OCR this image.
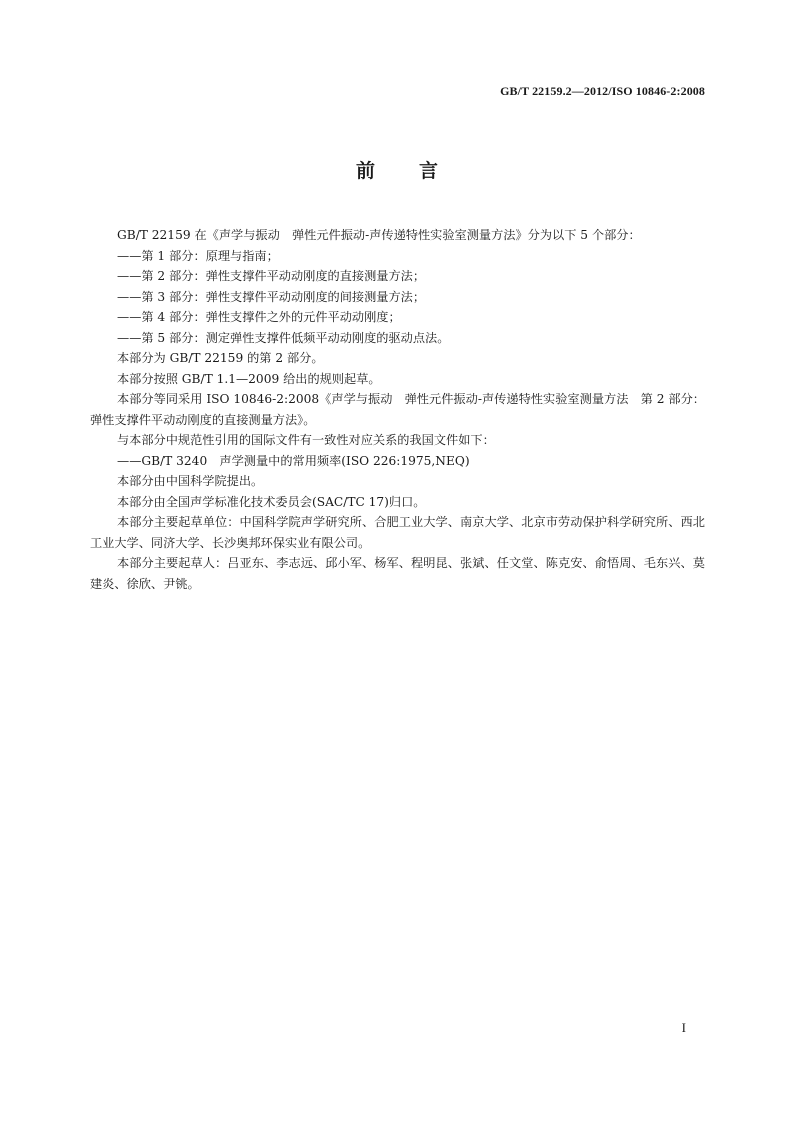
GB/T 22159.2—2012/ISO 10846-2:2008
前言

GB/T 22159 在《声学与振动　弹性元件振动-声传递特性实验室测量方法》分为以下 5 个部分：

——第 1 部分：原理与指南；

——第 2 部分：弹性支撑件平动动刚度的直接测量方法；

——第 3 部分：弹性支撑件平动动刚度的间接测量方法；

——第 4 部分：弹性支撑件之外的元件平动动刚度；

——第 5 部分：测定弹性支撑件低频平动动刚度的驱动点法。

本部分为 GB/T 22159 的第 2 部分。

本部分按照 GB/T 1.1—2009 给出的规则起草。

本部分等同采用 ISO 10846-2:2008《声学与振动　弹性元件振动-声传递特性实验室测量方法　第 2 部分：弹性支撑件平动动刚度的直接测量方法》。

与本部分中规范性引用的国际文件有一致性对应关系的我国文件如下：

——GB/T 3240　声学测量中的常用频率(ISO 226:1975,NEQ)

本部分由中国科学院提出。

本部分由全国声学标准化技术委员会(SAC/TC 17)归口。

本部分主要起草单位：中国科学院声学研究所、合肥工业大学、南京大学、北京市劳动保护科学研究所、西北工业大学、同济大学、长沙奥邦环保实业有限公司。

本部分主要起草人：吕亚东、李志远、邱小军、杨军、程明昆、张斌、任文堂、陈克安、俞悟周、毛东兴、莫建炎、徐欣、尹铫。

I
